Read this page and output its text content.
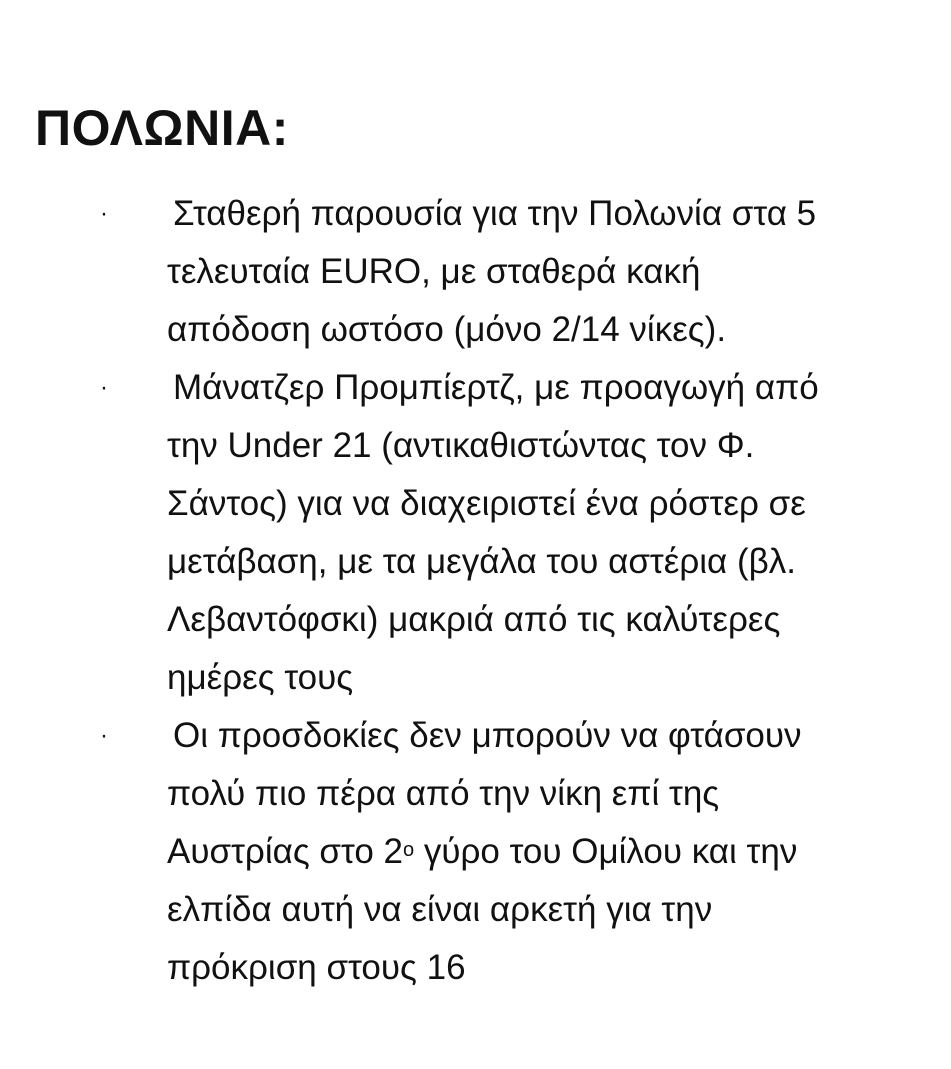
ΠΟΛΩΝΙΑ:
· Σταθερή παρουσία για την Πολωνία στα 5
τελευταία EURO, με σταθερά κακή
απόδοση ωστόσο (μόνο 2/14 νίκες).
· Μάνατζερ Προμπίερτζ, με προαγωγή από
την Under 21 (αντικαθιστώντας τον Φ.
Σάντος) για να διαχειριστεί ένα ρόστερ σε
μετάβαση, με τα μεγάλα του αστέρια (βλ.
Λεβαντόφσκι) μακριά από τις καλύτερες
ημέρες τους
· Οι προσδοκίες δεν μπορούν να φτάσουν
πολύ πιο πέρα από την νίκη επί της
Αυστρίας στο $2^o$ γύρο του Ομίλου και την
ελπίδα αυτή να είναι αρκετή για την
πρόκριση στους 16
